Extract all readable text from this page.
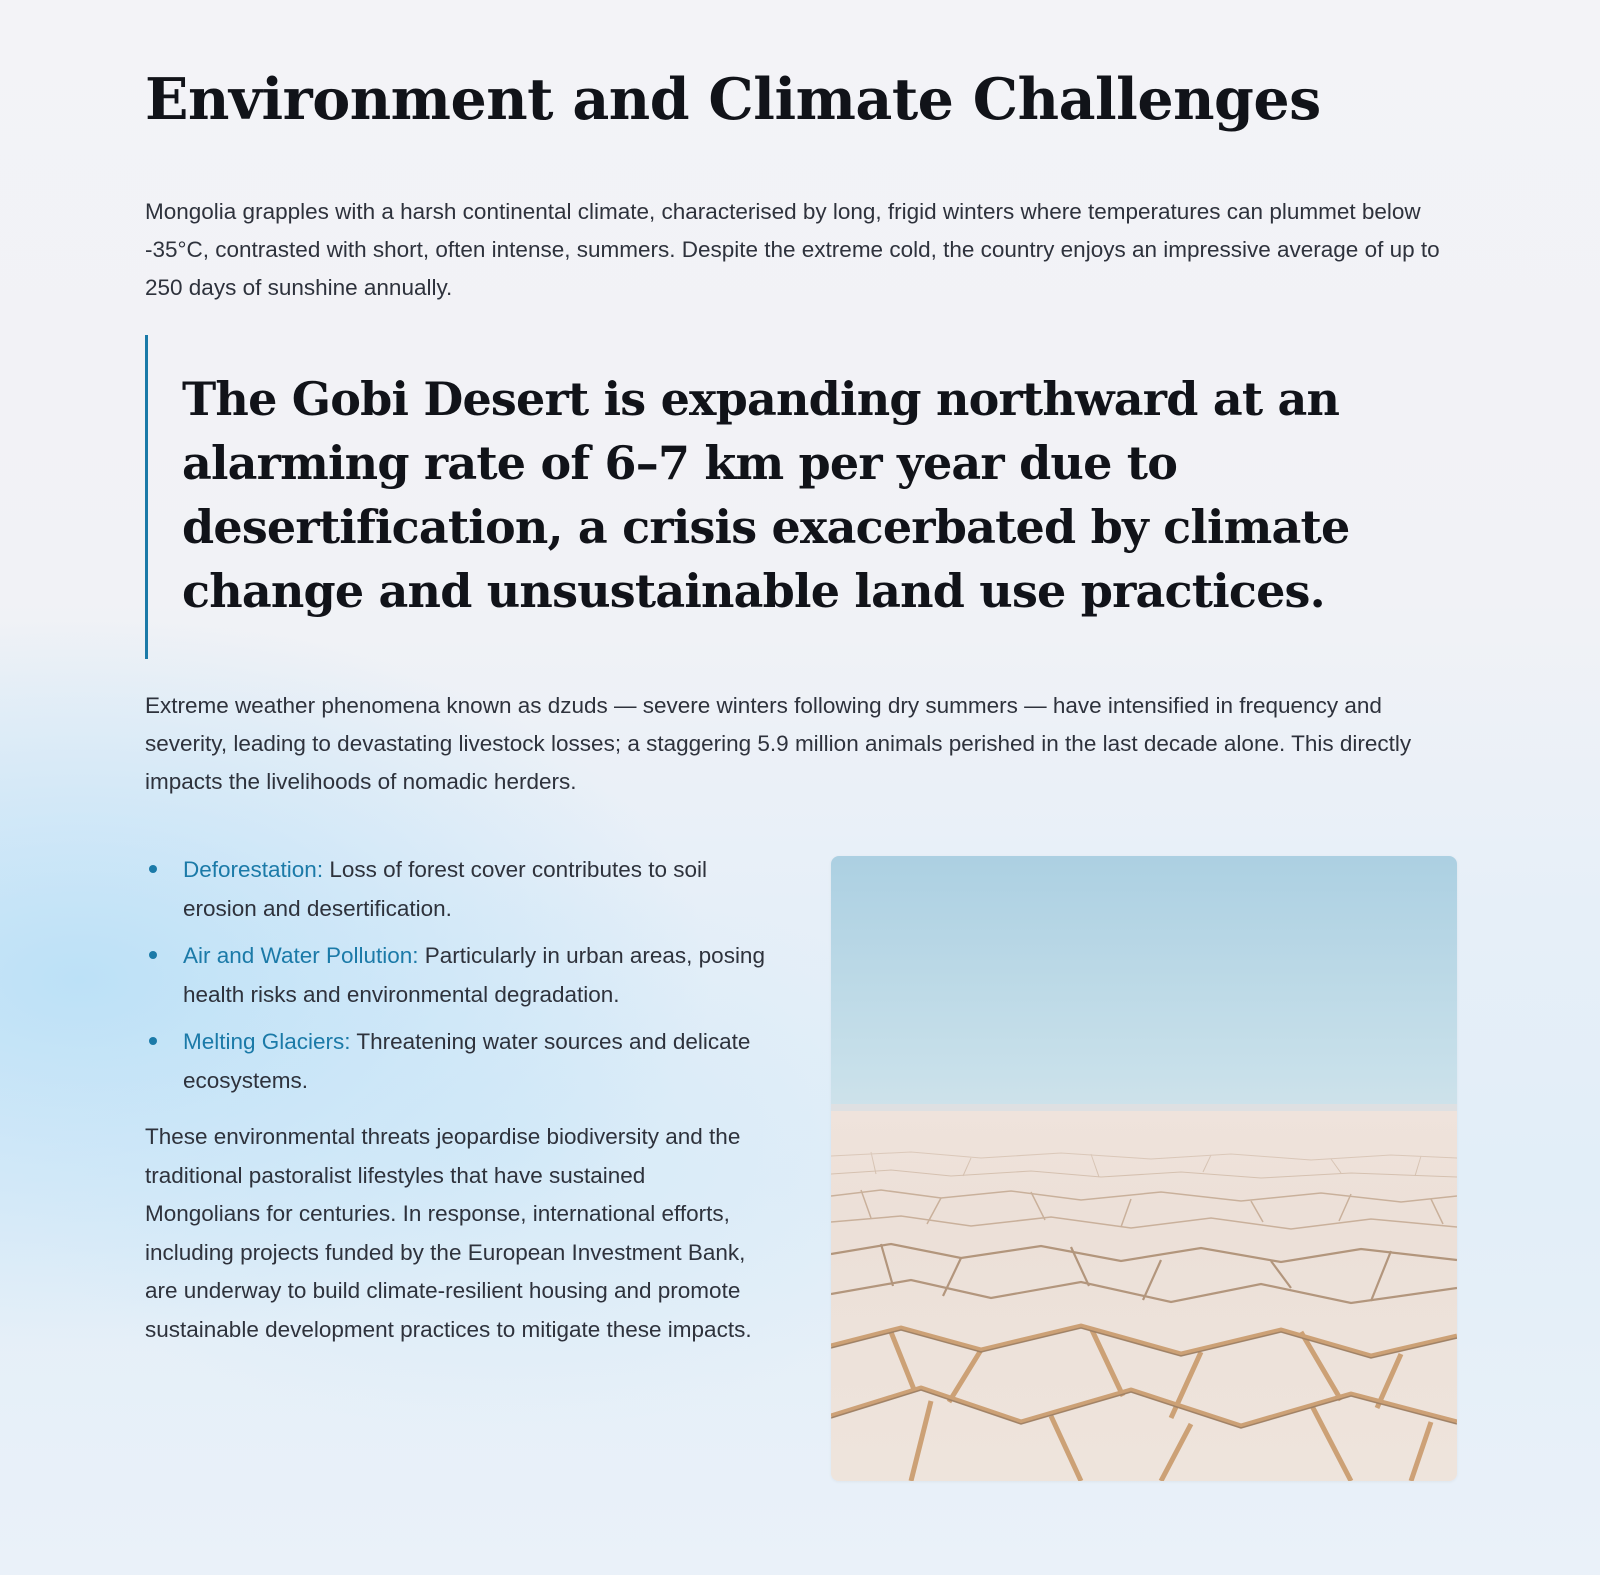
Environment and Climate Challenges

Mongolia grapples with a harsh continental climate, characterised by long, frigid winters where temperatures can plummet below -35°C, contrasted with short, often intense, summers. Despite the extreme cold, the country enjoys an impressive average of up to 250 days of sunshine annually.

The Gobi Desert is expanding northward at an alarming rate of 6–7 km per year due to desertification, a crisis exacerbated by climate change and unsustainable land use practices.

Extreme weather phenomena known as dzuds — severe winters following dry summers — have intensified in frequency and severity, leading to devastating livestock losses; a staggering 5.9 million animals perished in the last decade alone. This directly impacts the livelihoods of nomadic herders.

Deforestation: Loss of forest cover contributes to soil erosion and desertification.
Air and Water Pollution: Particularly in urban areas, posing health risks and environmental degradation.
Melting Glaciers: Threatening water sources and delicate ecosystems.

These environmental threats jeopardise biodiversity and the traditional pastoralist lifestyles that have sustained Mongolians for centuries. In response, international efforts, including projects funded by the European Investment Bank, are underway to build climate-resilient housing and promote sustainable development practices to mitigate these impacts.
